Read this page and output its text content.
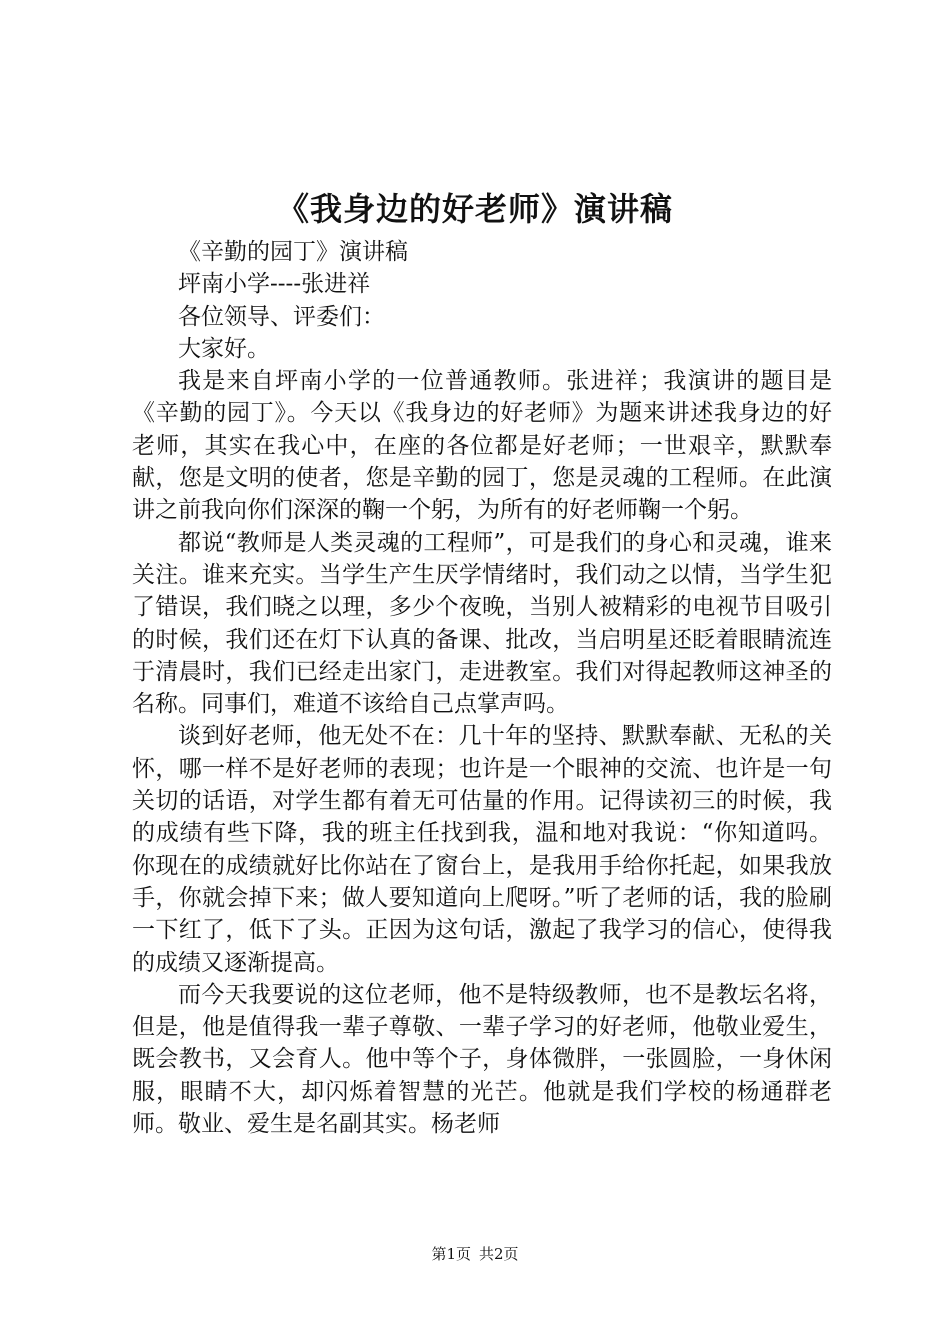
《我身边的好老师》演讲稿

《辛勤的园丁》演讲稿

坪南小学----张进祥

各位领导、评委们：

大家好。

我是来自坪南小学的一位普通教师。张进祥；我演讲的题目是《辛勤的园丁》。今天以《我身边的好老师》为题来讲述我身边的好老师，其实在我心中，在座的各位都是好老师；一世艰辛，默默奉献，您是文明的使者，您是辛勤的园丁，您是灵魂的工程师。在此演讲之前我向你们深深的鞠一个躬，为所有的好老师鞠一个躬。

都说“教师是人类灵魂的工程师”，可是我们的身心和灵魂，谁来关注。谁来充实。当学生产生厌学情绪时，我们动之以情，当学生犯了错误，我们晓之以理，多少个夜晚，当别人被精彩的电视节目吸引的时候，我们还在灯下认真的备课、批改，当启明星还眨着眼睛流连于清晨时，我们已经走出家门，走进教室。我们对得起教师这神圣的名称。同事们，难道不该给自己点掌声吗。

谈到好老师，他无处不在：几十年的坚持、默默奉献、无私的关怀，哪一样不是好老师的表现；也许是一个眼神的交流、也许是一句关切的话语，对学生都有着无可估量的作用。记得读初三的时候，我的成绩有些下降，我的班主任找到我，温和地对我说：“你知道吗。你现在的成绩就好比你站在了窗台上，是我用手给你托起，如果我放手，你就会掉下来；做人要知道向上爬呀。”听了老师的话，我的脸刷一下红了，低下了头。正因为这句话，激起了我学习的信心，使得我的成绩又逐渐提高。

而今天我要说的这位老师，他不是特级教师，也不是教坛名将，但是，他是值得我一辈子尊敬、一辈子学习的好老师，他敬业爱生，既会教书，又会育人。他中等个子，身体微胖，一张圆脸，一身休闲服，眼睛不大，却闪烁着智慧的光芒。他就是我们学校的杨通群老师。敬业、爱生是名副其实。杨老师

第1页 共2页
